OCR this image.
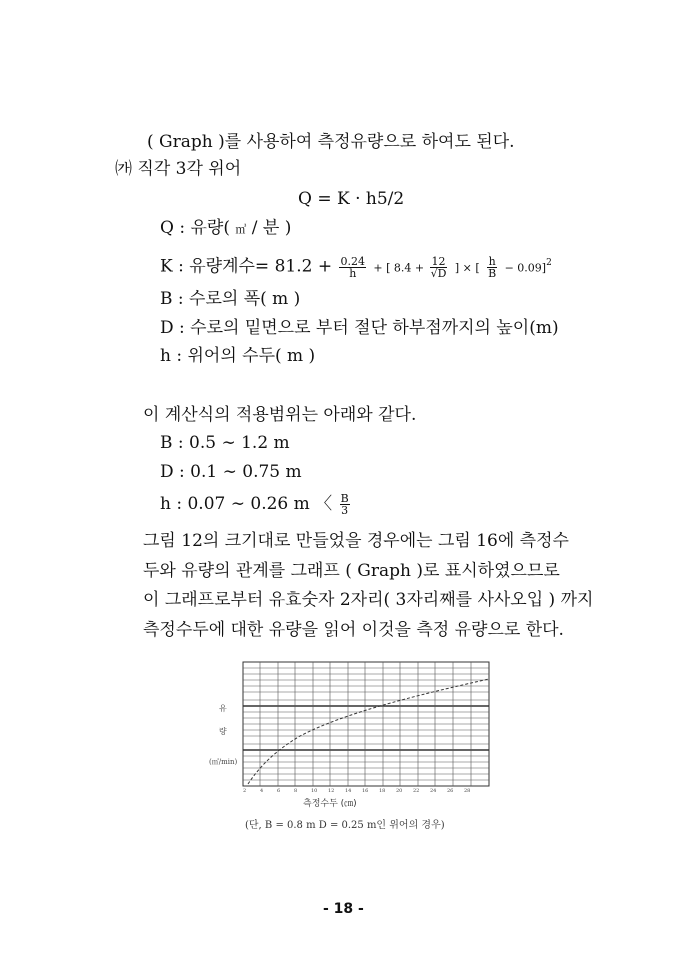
( Graph )를 사용하여 측정유량으로 하여도 된다.
㈎ 직각 3각 위어
Q = K · h5/2
Q : 유량( ㎥ / 분 )
K : 유량계수= $81.2 + \frac{0.24}{h}$ + [ $8.4 + \frac{12}{√D}$ ] × [ $\frac{h}{B} - 0.09]^2$
B : 수로의 폭( m )
D : 수로의 밑면으로 부터 절단 하부점까지의 높이(m)
h : 위어의 수두( m )
이 계산식의 적용범위는 아래와 같다.
B : 0.5 ∼ 1.2 m
D : 0.1 ∼ 0.75 m
h : 0.07 ∼ 0.26 m 〈 $\frac{B}{3}$
그림 12의 크기대로 만들었을 경우에는 그림 16에 측정수
두와 유량의 관계를 그래프 ( Graph )로 표시하였으므로
이 그래프로부터 유효숫자 2자리( 3자리째를 사사오입 ) 까지
측정수두에 대한 유량을 읽어 이것을 측정 유량으로 한다.
유
량
(㎥/min)
2	4	6	8	10 12 14 16 18 20 22 24 26 28
측정수두 (㎝)
(단, B = 0.8 m D = 0.25 m인 위어의 경우)
- 18 -
